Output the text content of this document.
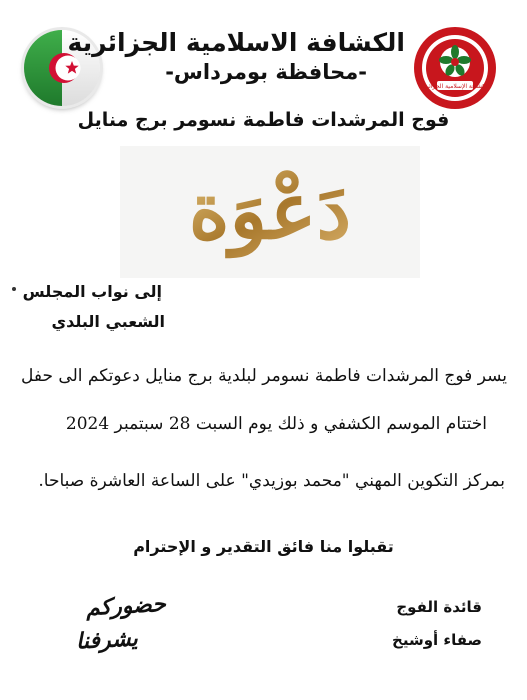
الكشافة الإسلامية الجزائرية
الكشافة الاسلامية الجزائرية
-محافظة بومرداس-
فوج المرشدات فاطمة نسومر برج منايل
دَعْوَة
إلى نواب المجلس
الشعبي البلدي
يسر فوج المرشدات فاطمة نسومر لبلدية برج منايل دعوتكم الى حفل
اختتام الموسم الكشفي و ذلك يوم السبت 28 سبتمبر 2024
بمركز التكوين المهني "محمد بوزيدي" على الساعة العاشرة صباحا.
تقبلوا منا فائق التقدير و الإحترام
قائدة الفوج
صفاء أوشيخ
حضوركم
يشرفنا
